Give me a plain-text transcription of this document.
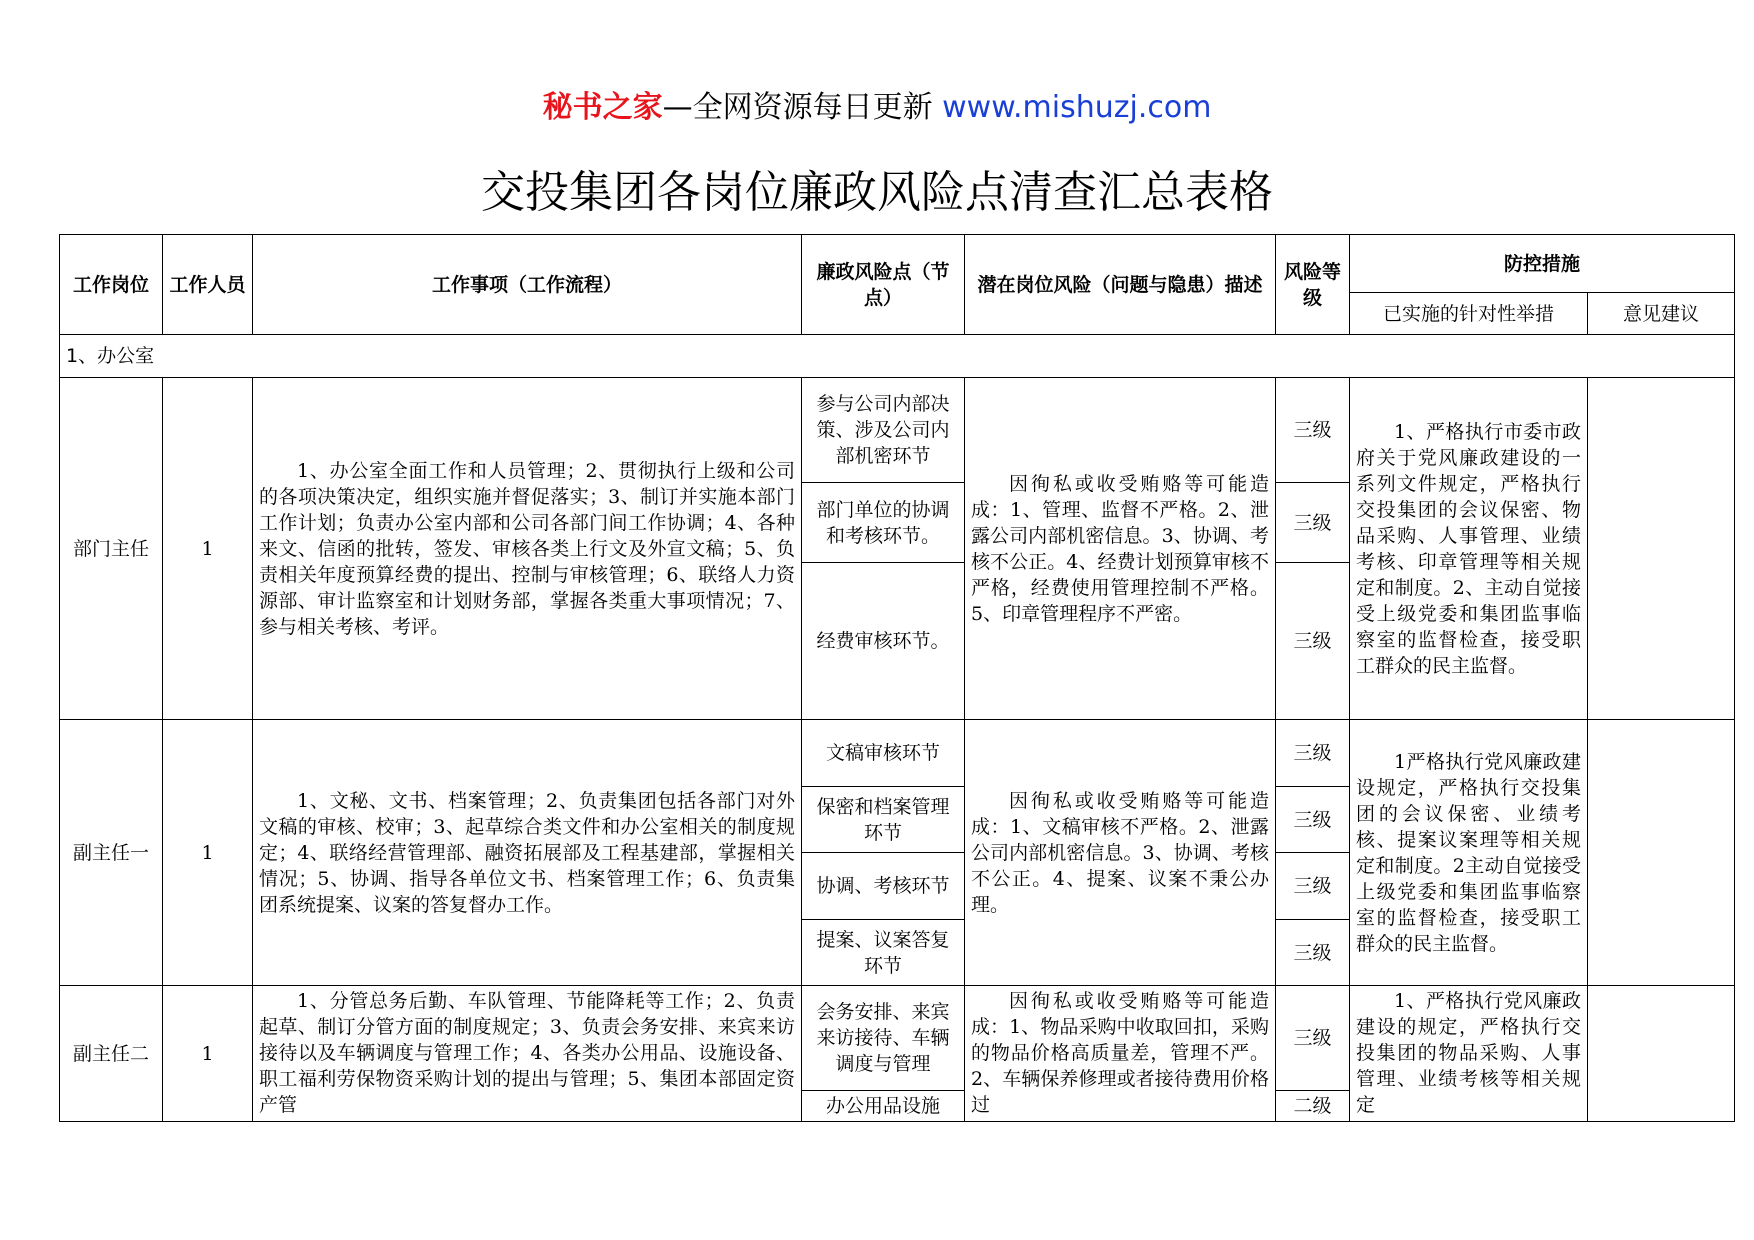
秘书之家—全网资源每日更新 www.mishuzj.com
交投集团各岗位廉政风险点清查汇总表格
工作岗位	工作人员	工作事项（工作流程）	廉政风险点（节点）	潜在岗位风险（问题与隐患）描述	风险等级	防控措施	
						已实施的针对性举措	意见建议
1、办公室							
部门主任	1	1、办公室全面工作和人员管理；2、贯彻执行上级和公司的各项决策决定，组织实施并督促落实；3、制订并实施本部门工作计划；负责办公室内部和公司各部门间工作协调；4、各种来文、信函的批转，签发、审核各类上行文及外宣文稿；5、负责相关年度预算经费的提出、控制与审核管理；6、联络人力资源部、审计监察室和计划财务部，掌握各类重大事项情况；7、参与相关考核、考评。	参与公司内部决策、涉及公司内部机密环节	因徇私或收受贿赂等可能造成：1、管理、监督不严格。2、泄露公司内部机密信息。3、协调、考核不公正。4、经费计划预算审核不严格，经费使用管理控制不严格。5、印章管理程序不严密。	三级	1、严格执行市委市政府关于党风廉政建设的一系列文件规定，严格执行交投集团的会议保密、物品采购、人事管理、业绩考核、印章管理等相关规定和制度。2、主动自觉接受上级党委和集团监事临察室的监督检查，接受职工群众的民主监督。	
			部门单位的协调和考核环节。		三级		
			经费审核环节。		三级		
副主任一	1	1、文秘、文书、档案管理；2、负责集团包括各部门对外文稿的审核、校审；3、起草综合类文件和办公室相关的制度规定；4、联络经营管理部、融资拓展部及工程基建部，掌握相关情况；5、协调、指导各单位文书、档案管理工作；6、负责集团系统提案、议案的答复督办工作。	文稿审核环节	因徇私或收受贿赂等可能造成：1、文稿审核不严格。2、泄露公司内部机密信息。3、协调、考核不公正。4、提案、议案不秉公办理。	三级	1严格执行党风廉政建设规定，严格执行交投集团的会议保密、业绩考核、提案议案理等相关规定和制度。2主动自觉接受上级党委和集团监事临察室的监督检查，接受职工群众的民主监督。	
			保密和档案管理环节		三级		
			协调、考核环节		三级		
			提案、议案答复环节		三级		
副主任二	1	1、分管总务后勤、车队管理、节能降耗等工作；2、负责起草、制订分管方面的制度规定；3、负责会务安排、来宾来访接待以及车辆调度与管理工作；4、各类办公用品、设施设备、职工福利劳保物资采购计划的提出与管理；5、集团本部固定资产管	会务安排、来宾来访接待、车辆调度与管理	因徇私或收受贿赂等可能造成：1、物品采购中收取回扣，采购的物品价格高质量差，管理不严。2、车辆保养修理或者接待费用价格过	三级	1、严格执行党风廉政建设的规定，严格执行交投集团的物品采购、人事管理、业绩考核等相关规定	
			办公用品设施		二级		
